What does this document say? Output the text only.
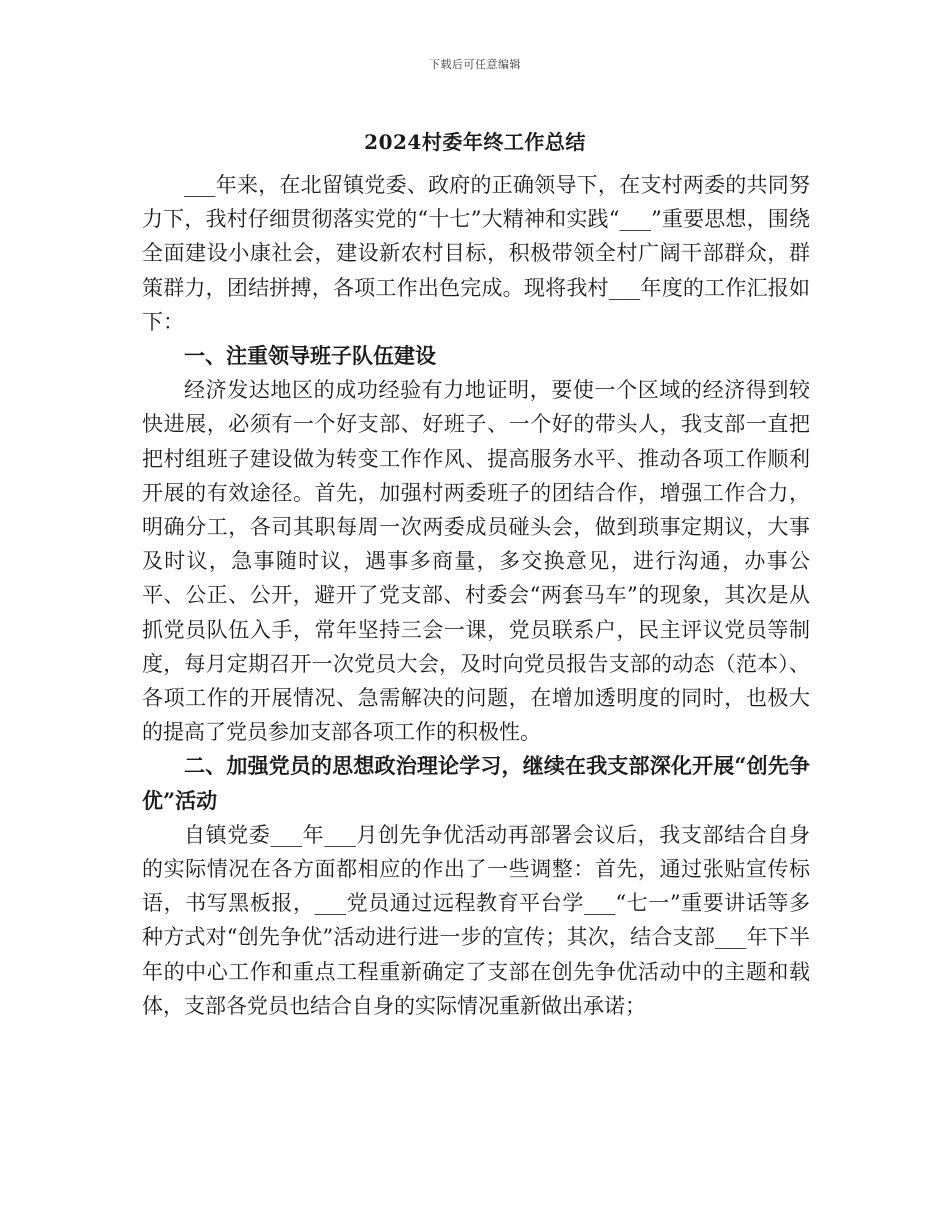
下载后可任意编辑
2024村委年终工作总结

___年来，在北留镇党委、政府的正确领导下，在支村两委的共同努力下，我村仔细贯彻落实党的“十七”大精神和实践“___”重要思想，围绕全面建设小康社会，建设新农村目标，积极带领全村广阔干部群众，群策群力，团结拼搏，各项工作出色完成。现将我村___年度的工作汇报如下：

一、注重领导班子队伍建设

经济发达地区的成功经验有力地证明，要使一个区域的经济得到较快进展，必须有一个好支部、好班子、一个好的带头人，我支部一直把把村组班子建设做为转变工作作风、提高服务水平、推动各项工作顺利开展的有效途径。首先，加强村两委班子的团结合作，增强工作合力，明确分工，各司其职每周一次两委成员碰头会，做到琐事定期议，大事及时议，急事随时议，遇事多商量，多交换意见，进行沟通，办事公平、公正、公开，避开了党支部、村委会“两套马车”的现象，其次是从抓党员队伍入手，常年坚持三会一课，党员联系户，民主评议党员等制度，每月定期召开一次党员大会，及时向党员报告支部的动态（范本）、各项工作的开展情况、急需解决的问题，在增加透明度的同时，也极大的提高了党员参加支部各项工作的积极性。

二、加强党员的思想政治理论学习，继续在我支部深化开展“创先争优”活动

自镇党委___年___月创先争优活动再部署会议后，我支部结合自身的实际情况在各方面都相应的作出了一些调整：首先，通过张贴宣传标语，书写黑板报，___党员通过远程教育平台学___“七一”重要讲话等多种方式对“创先争优”活动进行进一步的宣传；其次，结合支部___年下半年的中心工作和重点工程重新确定了支部在创先争优活动中的主题和载体，支部各党员也结合自身的实际情况重新做出承诺；
